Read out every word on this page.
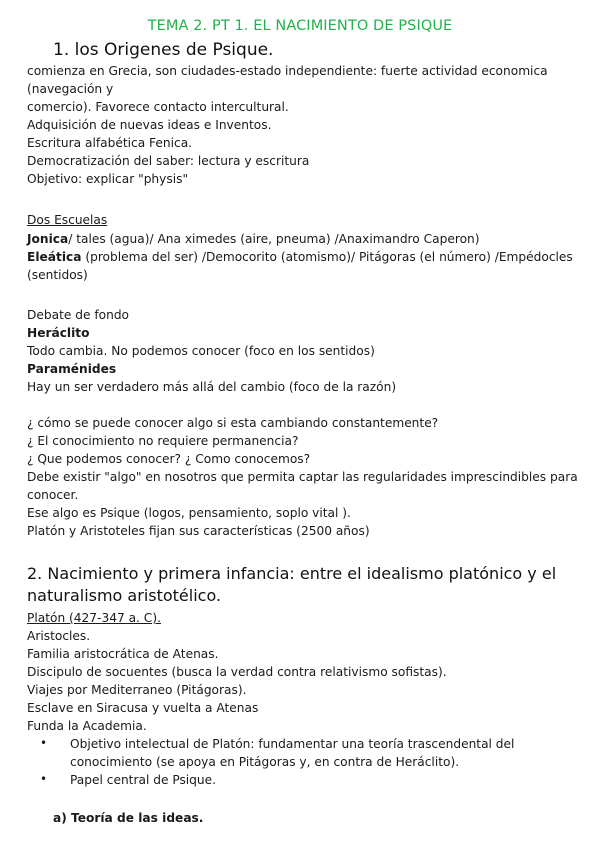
TEMA 2. PT 1. EL NACIMIENTO DE PSIQUE
1. los Origenes de Psique.
comienza en Grecia, son ciudades-estado independiente: fuerte actividad economica
(navegación y
comercio). Favorece contacto intercultural.
Adquisición de nuevas ideas e Inventos.
Escritura alfabética Fenica.
Democratización del saber: lectura y escritura
Objetivo: explicar "physis"
Dos Escuelas
Jonica/ tales (agua)/ Ana ximedes (aire, pneuma) /Anaximandro Caperon)
Eleática (problema del ser) /Democorito (atomismo)/ Pitágoras (el número) /Empédocles
(sentidos)
Debate de fondo
Heráclito
Todo cambia. No podemos conocer (foco en los sentidos)
Paraménides
Hay un ser verdadero más allá del cambio (foco de la razón)
¿ cómo se puede conocer algo si esta cambiando constantemente?
¿ El conocimiento no requiere permanencia?
¿ Que podemos conocer? ¿ Como conocemos?
Debe existir "algo" en nosotros que permita captar las regularidades imprescindibles para
conocer.
Ese algo es Psique (logos, pensamiento, soplo vital ).
Platón y Aristoteles fijan sus características (2500 años)
2. Nacimiento y primera infancia: entre el idealismo platónico y el naturalismo aristotélico.
Platón (427-347 a. C).
Aristocles.
Familia aristocrática de Atenas.
Discipulo de socuentes (busca la verdad contra relativismo sofistas).
Viajes por Mediterraneo (Pitágoras).
Esclave en Siracusa y vuelta a Atenas
Funda la Academia.
• Objetivo intelectual de Platón: fundamentar una teoría trascendental del
conocimiento (se apoya en Pitágoras y, en contra de Heráclito).
• Papel central de Psique.
a) Teoría de las ideas.
